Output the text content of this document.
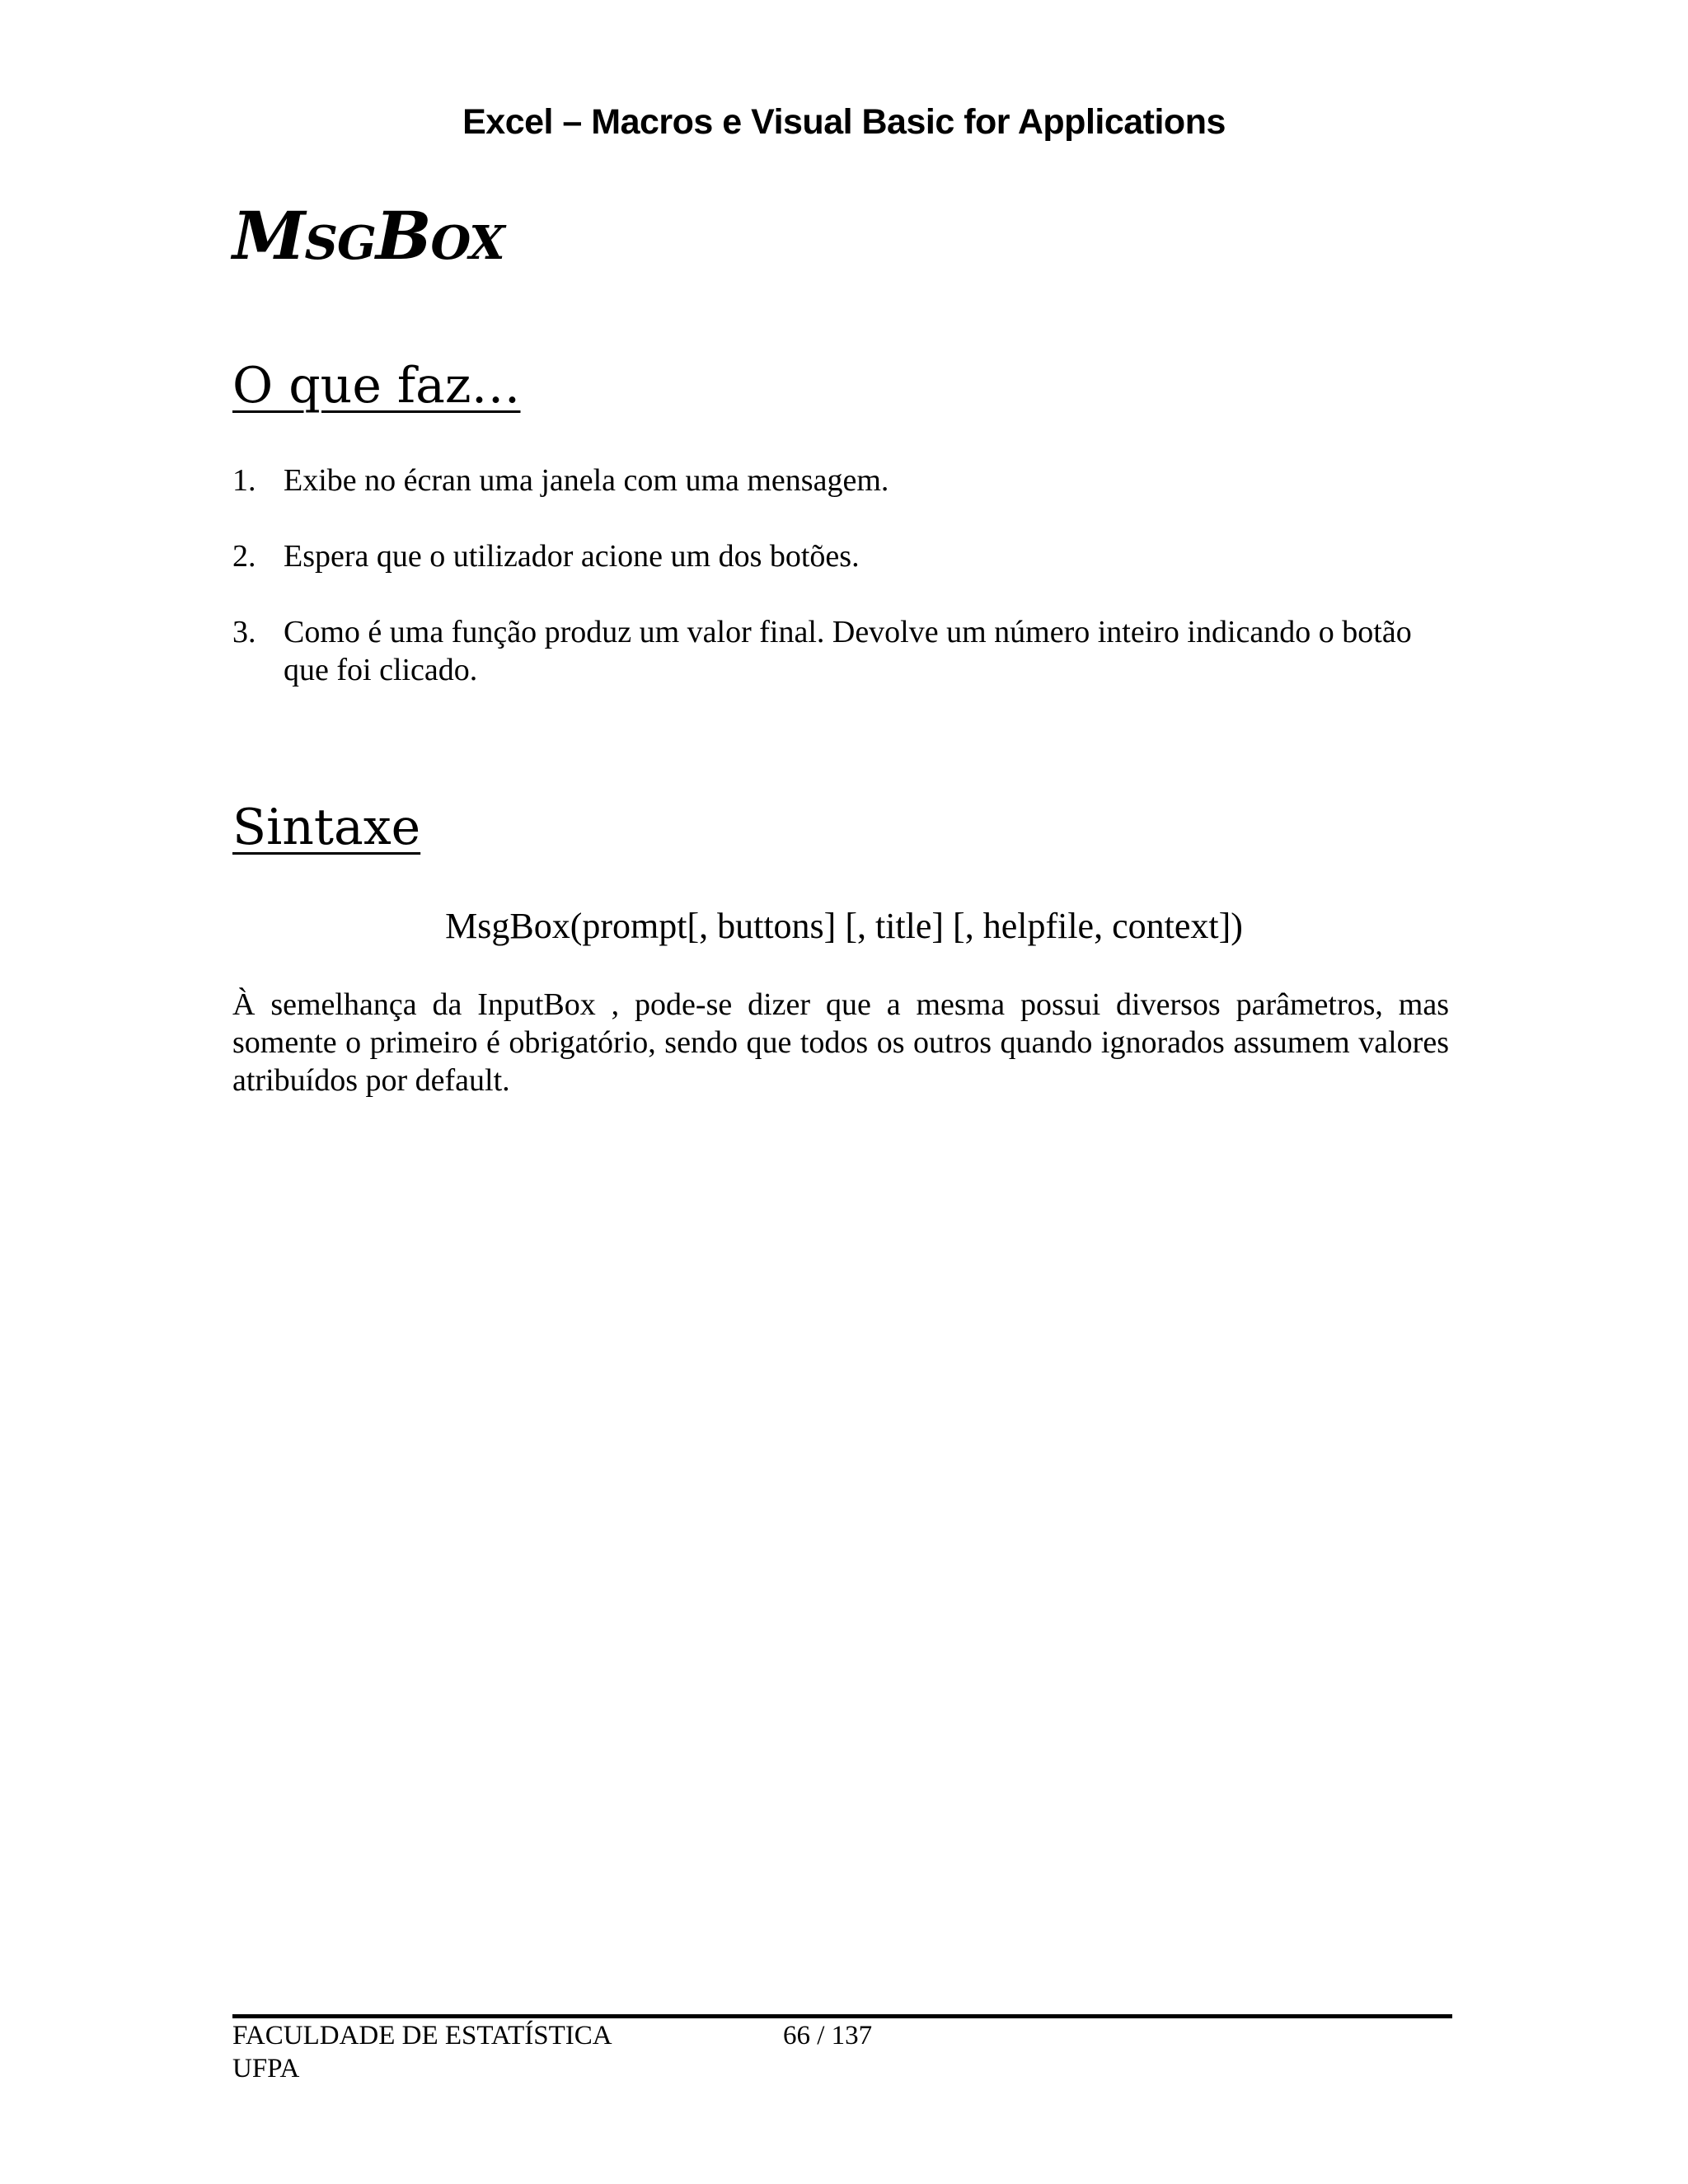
Excel – Macros e Visual Basic for Applications
MsgBox
O que faz…
1. Exibe no écran uma janela com uma mensagem.
2. Espera que o utilizador acione um dos botões.
3. Como é uma função produz um valor final. Devolve um número inteiro indicando o botão que foi clicado.
Sintaxe

MsgBox(prompt[, buttons] [, title] [, helpfile, context])

À semelhança da InputBox , pode-se dizer que a mesma possui diversos parâmetros, mas somente o primeiro é obrigatório, sendo que todos os outros quando ignorados assumem valores atribuídos por default.

FACULDADE DE ESTATÍSTICA
UFPA
66 / 137
